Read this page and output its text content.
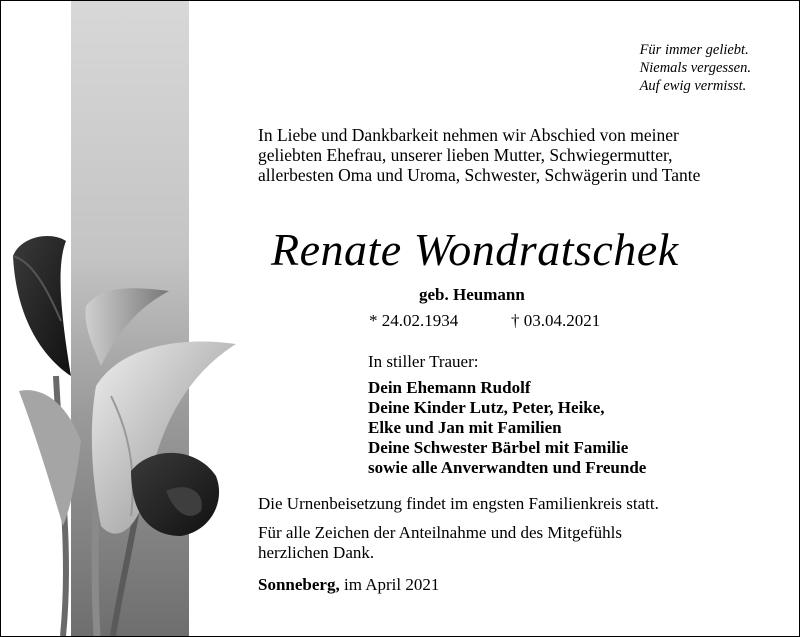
Für immer geliebt.
Niemals vergessen.
Auf ewig vermisst.
In Liebe und Dankbarkeit nehmen wir Abschied von meiner
geliebten Ehefrau, unserer lieben Mutter, Schwiegermutter,
allerbesten Oma und Uroma, Schwester, Schwägerin und Tante
Renate Wondratschek
geb. Heumann
* 24.02.1934	† 03.04.2021
In stiller Trauer:
Dein Ehemann Rudolf
Deine Kinder Lutz, Peter, Heike,
Elke und Jan mit Familien
Deine Schwester Bärbel mit Familie
sowie alle Anverwandten und Freunde
Die Urnenbeisetzung findet im engsten Familienkreis statt.
Für alle Zeichen der Anteilnahme und des Mitgefühls
herzlichen Dank.
Sonneberg, im April 2021
